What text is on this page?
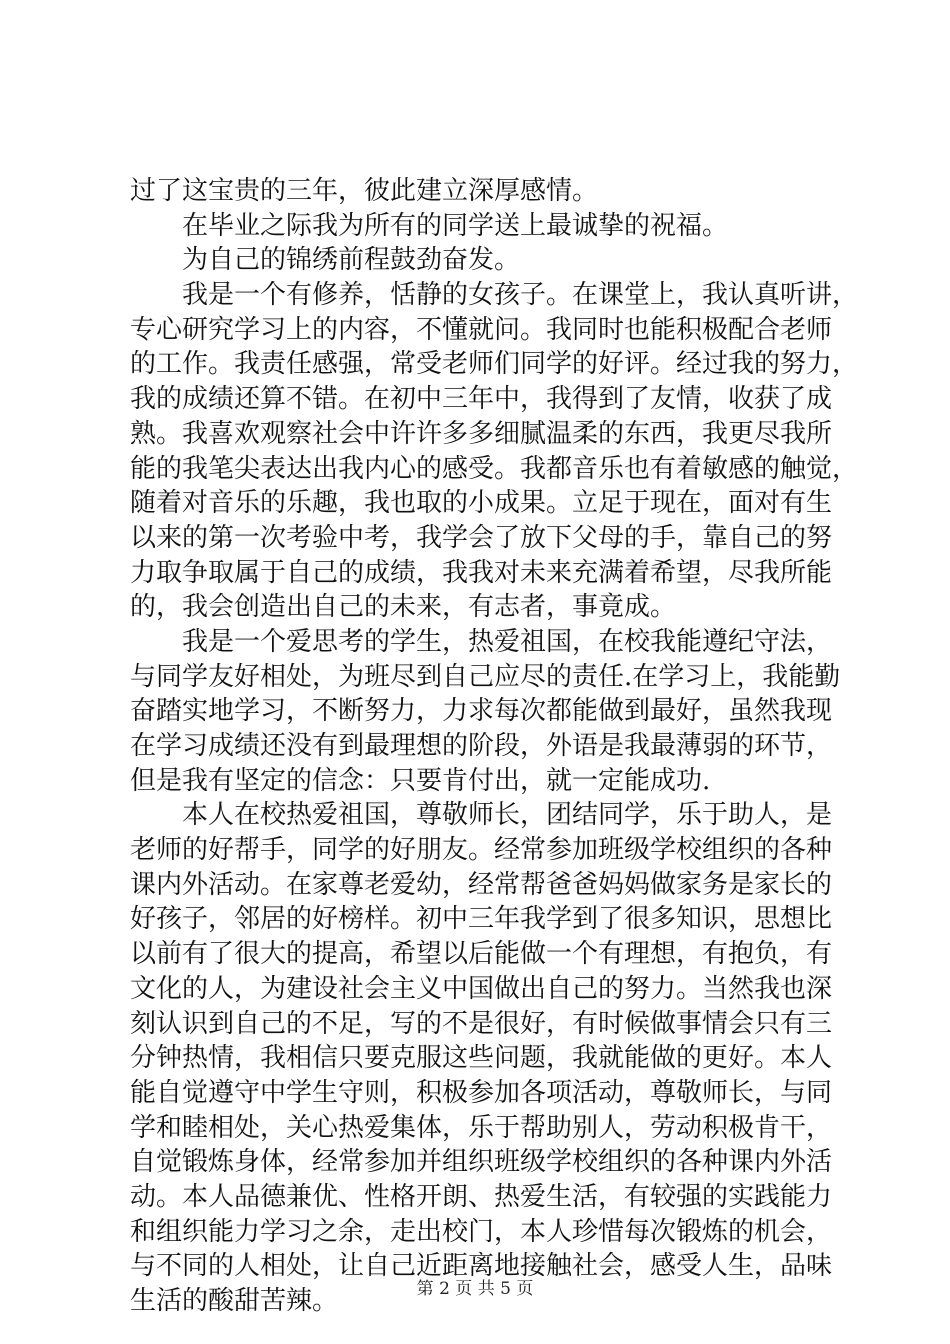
过了这宝贵的三年，彼此建立深厚感情。
在毕业之际我为所有的同学送上最诚挚的祝福。
为自己的锦绣前程鼓劲奋发。
我是一个有修养，恬静的女孩子。在课堂上，我认真听讲，
专心研究学习上的内容，不懂就问。我同时也能积极配合老师
的工作。我责任感强，常受老师们同学的好评。经过我的努力，
我的成绩还算不错。在初中三年中，我得到了友情，收获了成
熟。我喜欢观察社会中许许多多细腻温柔的东西，我更尽我所
能的我笔尖表达出我内心的感受。我都音乐也有着敏感的触觉，
随着对音乐的乐趣，我也取的小成果。立足于现在，面对有生
以来的第一次考验中考，我学会了放下父母的手，靠自己的努
力取争取属于自己的成绩，我我对未来充满着希望，尽我所能
的，我会创造出自己的未来，有志者，事竟成。
我是一个爱思考的学生，热爱祖国，在校我能遵纪守法，
与同学友好相处，为班尽到自己应尽的责任.在学习上，我能勤
奋踏实地学习，不断努力，力求每次都能做到最好，虽然我现
在学习成绩还没有到最理想的阶段，外语是我最薄弱的环节，
但是我有坚定的信念：只要肯付出，就一定能成功.
本人在校热爱祖国，尊敬师长，团结同学，乐于助人，是
老师的好帮手，同学的好朋友。经常参加班级学校组织的各种
课内外活动。在家尊老爱幼，经常帮爸爸妈妈做家务是家长的
好孩子，邻居的好榜样。初中三年我学到了很多知识，思想比
以前有了很大的提高，希望以后能做一个有理想，有抱负，有
文化的人，为建设社会主义中国做出自己的努力。当然我也深
刻认识到自己的不足，写的不是很好，有时候做事情会只有三
分钟热情，我相信只要克服这些问题，我就能做的更好。本人
能自觉遵守中学生守则，积极参加各项活动，尊敬师长，与同
学和睦相处，关心热爱集体，乐于帮助别人，劳动积极肯干，
自觉锻炼身体，经常参加并组织班级学校组织的各种课内外活
动。本人品德兼优、性格开朗、热爱生活，有较强的实践能力
和组织能力学习之余，走出校门，本人珍惜每次锻炼的机会，
与不同的人相处，让自己近距离地接触社会，感受人生，品味
生活的酸甜苦辣。	第 2 页 共 5 页
